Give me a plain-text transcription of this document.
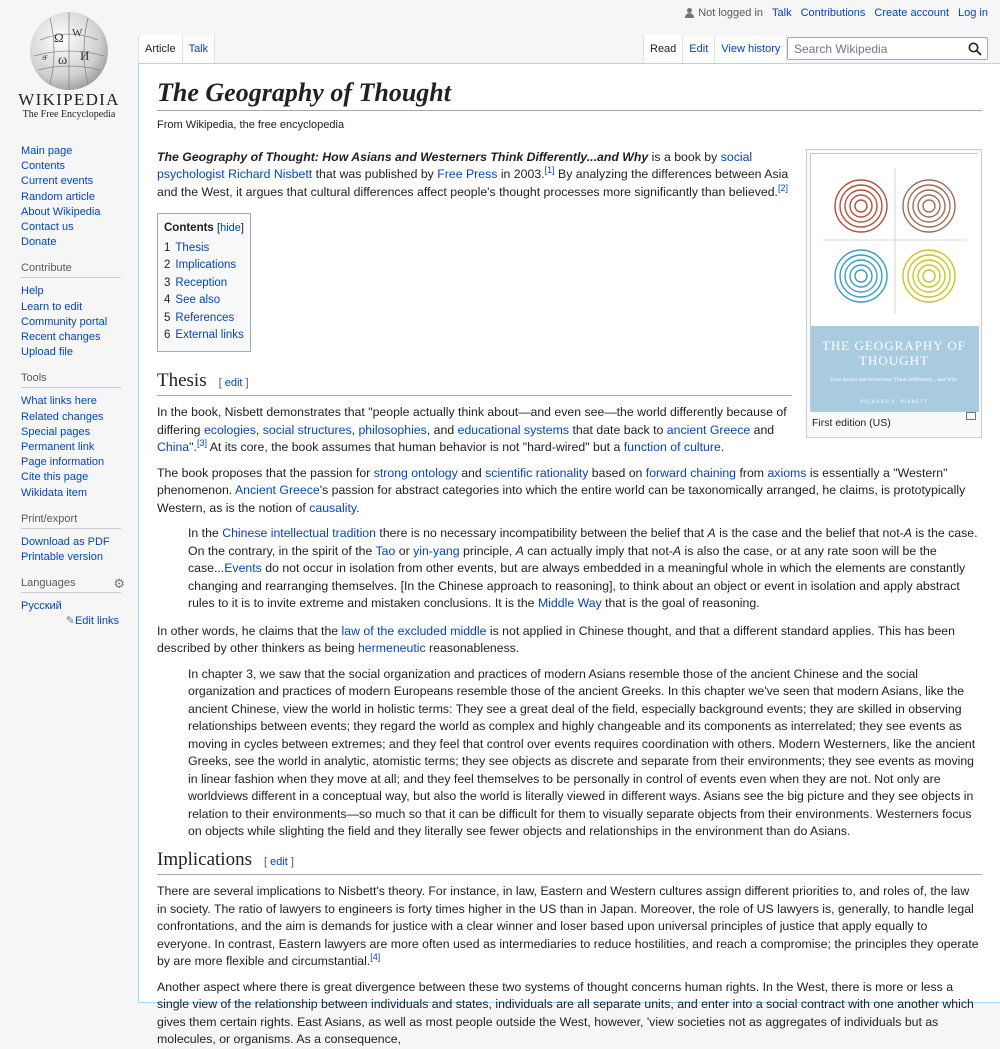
Ω W
ω И
ச
WIKIPEDIA
The Free Encyclopedia
Main page
Contents
Current events
Random article
About Wikipedia
Contact us
Donate
Contribute
Help
Learn to edit
Community portal
Recent changes
Upload file
Tools
What links here
Related changes
Special pages
Permanent link
Page information
Cite this page
Wikidata item
Print/export
Download as PDF
Printable version
Languages	⚙
Русский
✎Edit links
Not logged in Talk Contributions Create account Log in
Article	Talk	Read	Edit	View history	Search Wikipedia
The Geography of Thought
From Wikipedia, the free encyclopedia
THE GEOGRAPHY OF THOUGHT
How Asians and Westerners Think Differently... and Why
RICHARD E. NISBETT
First edition (US)

The Geography of Thought: How Asians and Westerners Think Differently...and Why is a book by social psychologist Richard Nisbett that was published by Free Press in 2003.[1] By analyzing the differences between Asia and the West, it argues that cultural differences affect people's thought processes more significantly than believed.[2]

Contents [hide]
1 Thesis
2 Implications
3 Reception
4 See also
5 References
6 External links
Thesis [ edit ]

In the book, Nisbett demonstrates that "people actually think about—and even see—the world differently because of differing ecologies, social structures, philosophies, and educational systems that date back to ancient Greece and China".[3] At its core, the book assumes that human behavior is not "hard-wired" but a function of culture.

The book proposes that the passion for strong ontology and scientific rationality based on forward chaining from axioms is essentially a "Western" phenomenon. Ancient Greece's passion for abstract categories into which the entire world can be taxonomically arranged, he claims, is prototypically Western, as is the notion of causality.

In the Chinese intellectual tradition there is no necessary incompatibility between the belief that A is the case and the belief that not-A is the case. On the contrary, in the spirit of the Tao or yin-yang principle, A can actually imply that not-A is also the case, or at any rate soon will be the case...Events do not occur in isolation from other events, but are always embedded in a meaningful whole in which the elements are constantly changing and rearranging themselves. [In the Chinese approach to reasoning], to think about an object or event in isolation and apply abstract rules to it is to invite extreme and mistaken conclusions. It is the Middle Way that is the goal of reasoning.

In other words, he claims that the law of the excluded middle is not applied in Chinese thought, and that a different standard applies. This has been described by other thinkers as being hermeneutic reasonableness.

In chapter 3, we saw that the social organization and practices of modern Asians resemble those of the ancient Chinese and the social organization and practices of modern Europeans resemble those of the ancient Greeks. In this chapter we've seen that modern Asians, like the ancient Chinese, view the world in holistic terms: They see a great deal of the field, especially background events; they are skilled in observing relationships between events; they regard the world as complex and highly changeable and its components as interrelated; they see events as moving in cycles between extremes; and they feel that control over events requires coordination with others. Modern Westerners, like the ancient Greeks, see the world in analytic, atomistic terms; they see objects as discrete and separate from their environments; they see events as moving in linear fashion when they move at all; and they feel themselves to be personally in control of events even when they are not. Not only are worldviews different in a conceptual way, but also the world is literally viewed in different ways. Asians see the big picture and they see objects in relation to their environments—so much so that it can be difficult for them to visually separate objects from their environments. Westerners focus on objects while slighting the field and they literally see fewer objects and relationships in the environment than do Asians.
Implications [ edit ]

There are several implications to Nisbett's theory. For instance, in law, Eastern and Western cultures assign different priorities to, and roles of, the law in society. The ratio of lawyers to engineers is forty times higher in the US than in Japan. Moreover, the role of US lawyers is, generally, to handle legal confrontations, and the aim is demands for justice with a clear winner and loser based upon universal principles of justice that apply equally to everyone. In contrast, Eastern lawyers are more often used as intermediaries to reduce hostilities, and reach a compromise; the principles they operate by are more flexible and circumstantial.[4]

Another aspect where there is great divergence between these two systems of thought concerns human rights. In the West, there is more or less a single view of the relationship between individuals and states, individuals are all separate units, and enter into a social contract with one another which gives them certain rights. East Asians, as well as most people outside the West, however, 'view societies not as aggregates of individuals but as molecules, or organisms. As a consequence,
